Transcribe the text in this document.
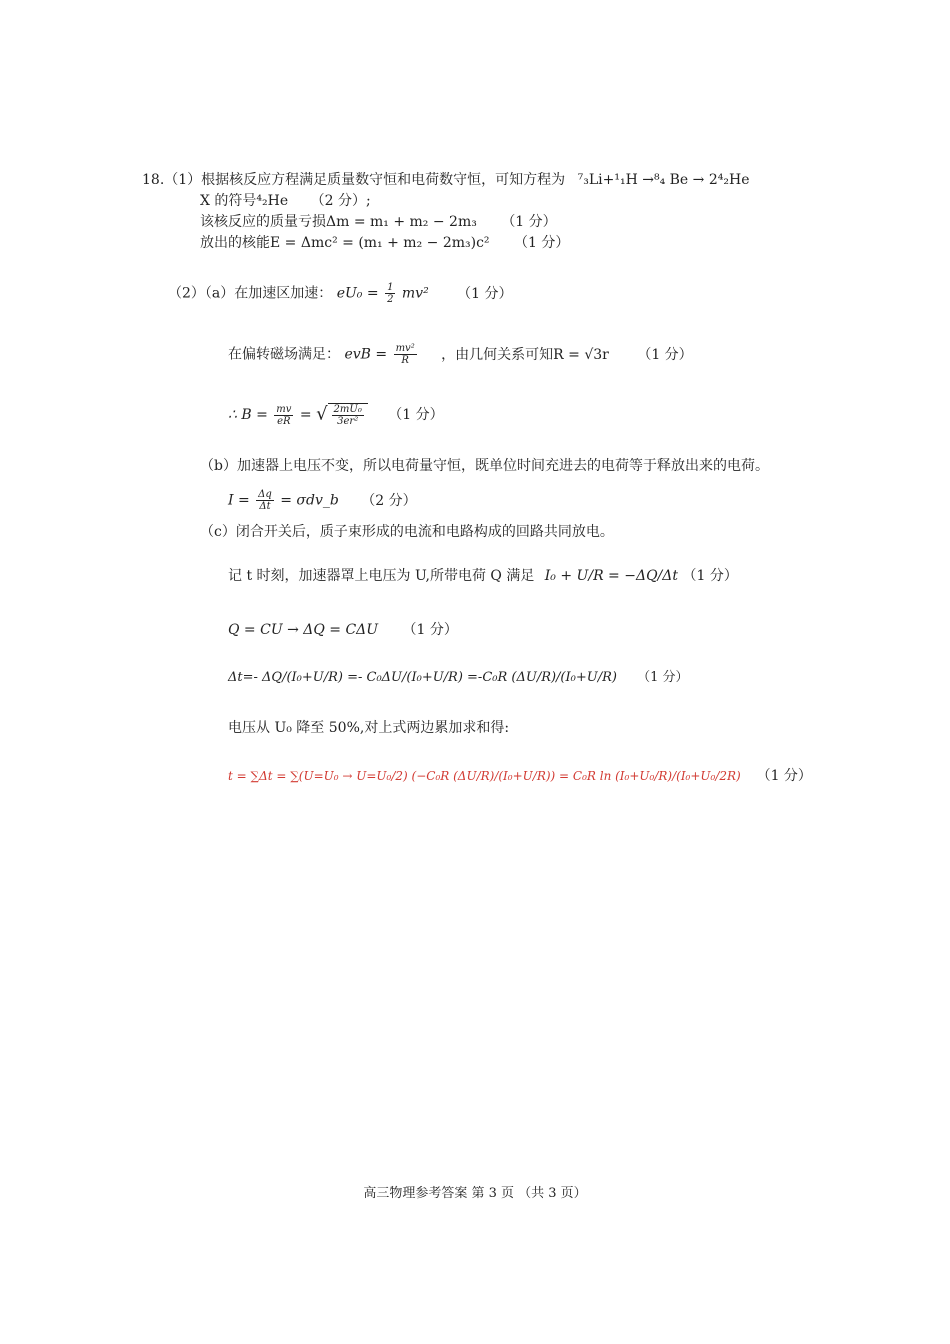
18.（1）根据核反应方程满足质量数守恒和电荷数守恒，可知方程为 ⁷₃Li+¹₁H →⁸₄ Be → 2⁴₂He
X 的符号⁴₂He （2 分）;
该核反应的质量亏损Δm = m₁ + m₂ − 2m₃ （1 分）
放出的核能E = Δmc² = (m₁ + m₂ − 2m₃)c² （1 分）
（2）（a）在加速区加速： $eU_0 = \frac{1}{2} mv^2$ （1 分）
在偏转磁场满足： evB = $\frac{\text{mv²}}{R}$ ，由几何关系可知R = √3r （1 分）
∴ $B = \frac{mv}{eR}$ = √ $\frac{\text{2mU₀}}{\text{3er²}} (1$ 分）
（b）加速器上电压不变，所以电荷量守恒，既单位时间充进去的电荷等于释放出来的电荷。
$I = \frac{\Delta q}{\Delta t}$ = σdv_b （2 分）
（c）闭合开关后，质子束形成的电流和电路构成的回路共同放电。
记 t 时刻，加速器罩上电压为 U,所带电荷 Q 满足 I₀ + U/R = −ΔQ/Δt （1 分）
Q = CU → ΔQ = CΔU （1 分）
Δt=- ΔQ/(I₀+U/R) =- C₀ΔU/(I₀+U/R) =-C₀R (ΔU/R)/(I₀+U/R) （1 分）
电压从 U₀ 降至 50%,对上式两边累加求和得:
t = ∑Δt = ∑(U=U₀ → U=U₀/2) (−C₀R (ΔU/R)/(I₀+U/R)) = C₀R ln (I₀+U₀/R)/(I₀+U₀/2R) （1 分）
高三物理参考答案 第 3 页 （共 3 页）
